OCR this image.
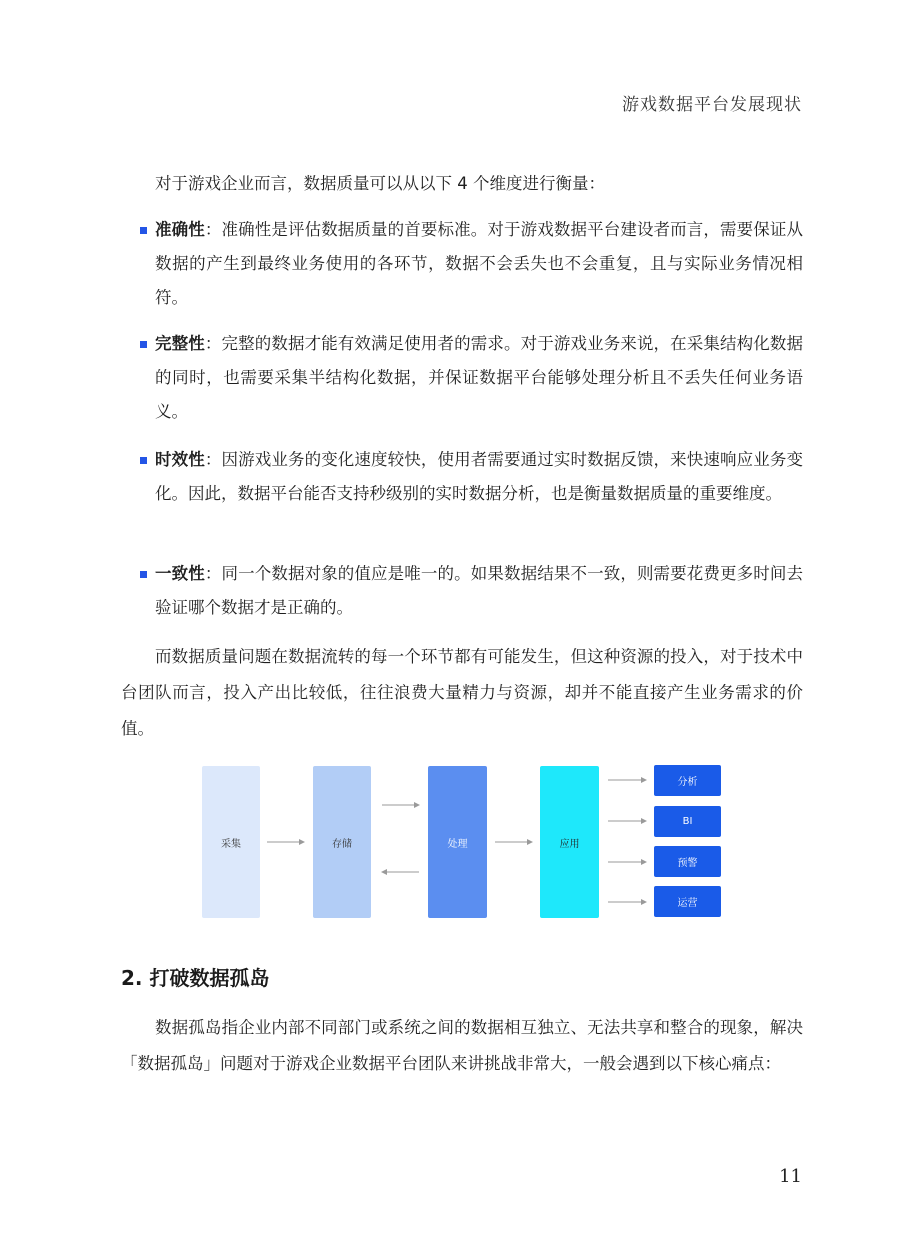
游戏数据平台发展现状
对于游戏企业而言，数据质量可以从以下 4 个维度进行衡量：
准确性：准确性是评估数据质量的首要标准。对于游戏数据平台建设者而言，需要保证从数据的产生到最终业务使用的各环节，数据不会丢失也不会重复，且与实际业务情况相符。
完整性：完整的数据才能有效满足使用者的需求。对于游戏业务来说，在采集结构化数据的同时，也需要采集半结构化数据，并保证数据平台能够处理分析且不丢失任何业务语义。
时效性：因游戏业务的变化速度较快，使用者需要通过实时数据反馈，来快速响应业务变化。因此，数据平台能否支持秒级别的实时数据分析，也是衡量数据质量的重要维度。
一致性：同一个数据对象的值应是唯一的。如果数据结果不一致，则需要花费更多时间去验证哪个数据才是正确的。
而数据质量问题在数据流转的每一个环节都有可能发生，但这种资源的投入，对于技术中台团队而言，投入产出比较低，往往浪费大量精力与资源，却并不能直接产生业务需求的价值。
采集	存储	处理	应用
分析
BI
预警
运营
2. 打破数据孤岛
数据孤岛指企业内部不同部门或系统之间的数据相互独立、无法共享和整合的现象，解决「数据孤岛」问题对于游戏企业数据平台团队来讲挑战非常大，一般会遇到以下核心痛点：
11
